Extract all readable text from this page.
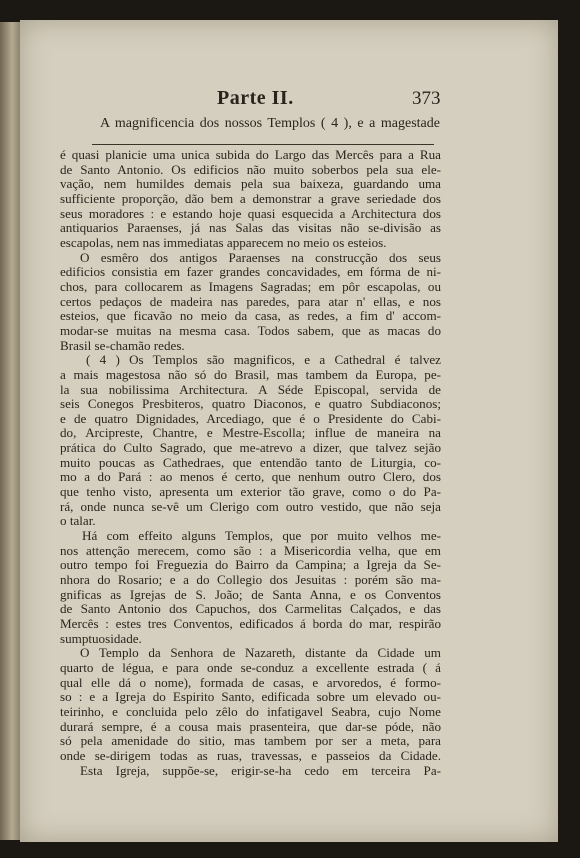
Parte II.	373
A magnificencia dos nossos Templos ( 4 ), e a magestade
é quasi planicie uma unica subida do Largo das Mercês para a Rua
de Santo Antonio. Os edificios não muito soberbos pela sua ele-
vação, nem humildes demais pela sua baixeza, guardando uma
sufficiente proporção, dão bem a demonstrar a grave seriedade dos
seus moradores : e estando hoje quasi esquecida a Architectura dos
antiquarios Paraenses, já nas Salas das visitas não se-divisão as
escapolas, nem nas immediatas apparecem no meio os esteios.
O esmêro dos antigos Paraenses na construcção dos seus
edificios consistia em fazer grandes concavidades, em fórma de ni-
chos, para collocarem as Imagens Sagradas; em pôr escapolas, ou
certos pedaços de madeira nas paredes, para atar n' ellas, e nos
esteios, que ficavão no meio da casa, as redes, a fim d' accom-
modar-se muitas na mesma casa. Todos sabem, que as macas do
Brasil se-chamão redes.
( 4 ) Os Templos são magnificos, e a Cathedral é talvez
a mais magestosa não só do Brasil, mas tambem da Europa, pe-
la sua nobilissima Architectura. A Séde Episcopal, servida de
seis Conegos Presbiteros, quatro Diaconos, e quatro Subdiaconos;
e de quatro Dignidades, Arcediago, que é o Presidente do Cabi-
do, Arcipreste, Chantre, e Mestre-Escolla; influe de maneira na
prática do Culto Sagrado, que me-atrevo a dizer, que talvez sejão
muito poucas as Cathedraes, que entendão tanto de Liturgia, co-
mo a do Pará : ao menos é certo, que nenhum outro Clero, dos
que tenho visto, apresenta um exterior tão grave, como o do Pa-
rá, onde nunca se-vê um Clerigo com outro vestido, que não seja
o talar.
Há com effeito alguns Templos, que por muito velhos me-
nos attenção merecem, como são : a Misericordia velha, que em
outro tempo foi Freguezia do Bairro da Campina; a Igreja da Se-
nhora do Rosario; e a do Collegio dos Jesuitas : porém são ma-
gnificas as Igrejas de S. João; de Santa Anna, e os Conventos
de Santo Antonio dos Capuchos, dos Carmelitas Calçados, e das
Mercês : estes tres Conventos, edificados á borda do mar, respirão
sumptuosidade.
O Templo da Senhora de Nazareth, distante da Cidade um
quarto de légua, e para onde se-conduz a excellente estrada ( á
qual elle dá o nome), formada de casas, e arvoredos, é formo-
so : e a Igreja do Espirito Santo, edificada sobre um elevado ou-
teirinho, e concluida pelo zêlo do infatigavel Seabra, cujo Nome
durará sempre, é a cousa mais prasenteira, que dar-se póde, não
só pela amenidade do sitio, mas tambem por ser a meta, para
onde se-dirigem todas as ruas, travessas, e passeios da Cidade.
Esta Igreja, suppõe-se, erigir-se-ha cedo em terceira Pa-
